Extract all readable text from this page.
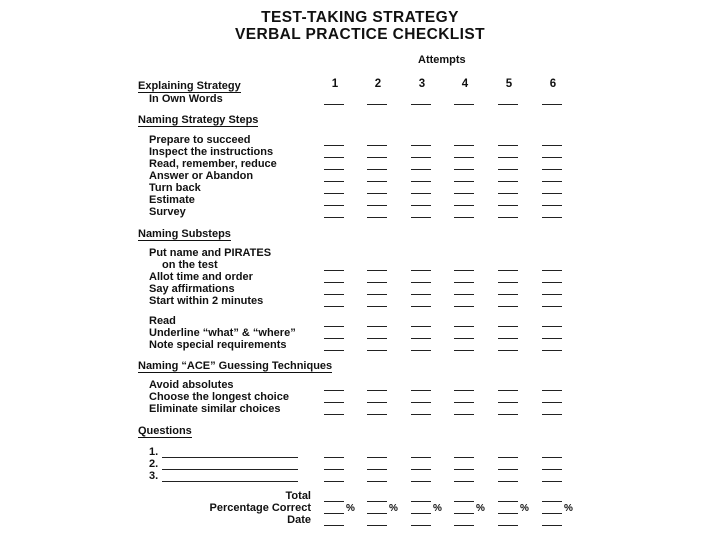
TEST-TAKING STRATEGY
VERBAL PRACTICE CHECKLIST
Attempts
1	2	3	4	5	6
Explaining Strategy
In Own Words
Naming Strategy Steps
Prepare to succeed
Inspect the instructions
Read, remember, reduce
Answer or Abandon
Turn back
Estimate
Survey
Naming Substeps
Put name and PIRATES
on the test
Allot time and order
Say affirmations
Start within 2 minutes
Read
Underline “what” & “where”
Note special requirements
Naming “ACE” Guessing Techniques
Avoid absolutes
Choose the longest choice
Eliminate similar choices
Questions
1.
2.
3.
Total
Percentage Correct	%	%	%	%	%	%
Date
